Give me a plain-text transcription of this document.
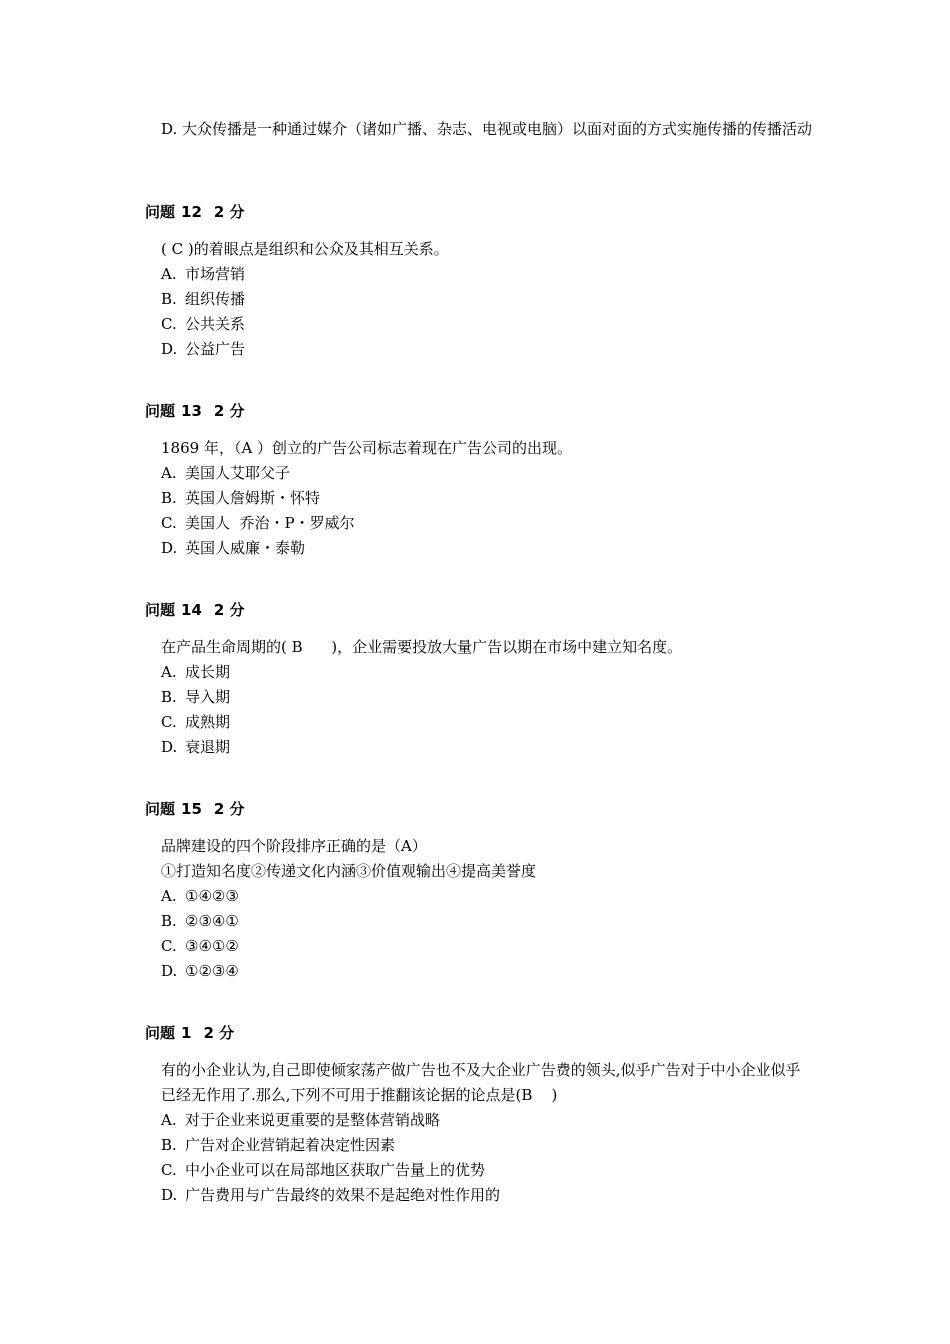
D. 大众传播是一种通过媒介（诸如广播、杂志、电视或电脑）以面对面的方式实施传播的传播活动
问题 12 2 分
( C )的着眼点是组织和公众及其相互关系。
A. 市场营销
B. 组织传播
C. 公共关系
D. 公益广告
问题 13 2 分
1869 年，（A ）创立的广告公司标志着现在广告公司的出现。
A. 美国人艾耶父子
B. 英国人詹姆斯・怀特
C. 美国人  乔治・P・罗威尔
D. 英国人威廉・泰勒
问题 14 2 分
在产品生命周期的( B      )，企业需要投放大量广告以期在市场中建立知名度。
A. 成长期
B. 导入期
C. 成熟期
D. 衰退期
问题 15 2 分
品牌建设的四个阶段排序正确的是（A）
①打造知名度②传递文化内涵③价值观输出④提高美誉度
A. ①④②③
B. ②③④①
C. ③④①②
D. ①②③④
问题 1 2 分
有的小企业认为,自己即使倾家荡产做广告也不及大企业广告费的领头,似乎广告对于中小企业似乎已经无作用了.那么,下列不可用于推翻该论据的论点是(B    )
A. 对于企业来说更重要的是整体营销战略
B. 广告对企业营销起着决定性因素
C. 中小企业可以在局部地区获取广告量上的优势
D. 广告费用与广告最终的效果不是起绝对性作用的
